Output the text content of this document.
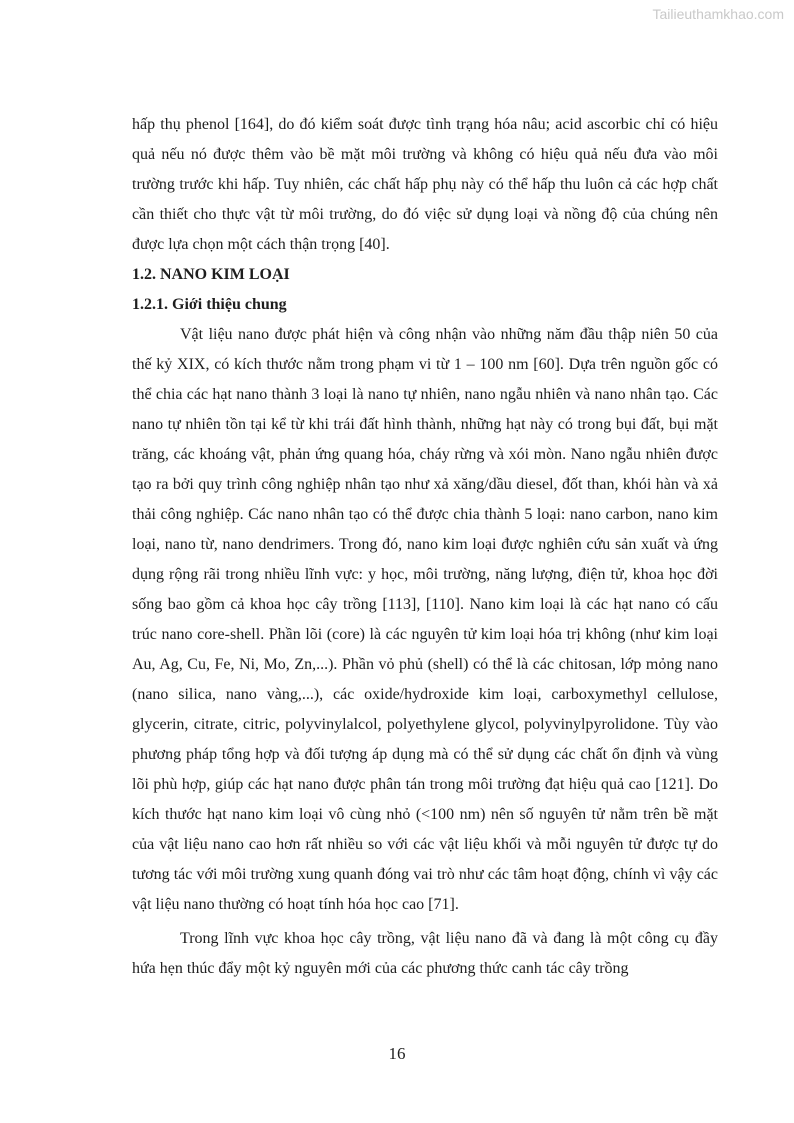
Tailieuthamkhao.com

hấp thụ phenol [164], do đó kiểm soát được tình trạng hóa nâu; acid ascorbic chỉ có hiệu quả nếu nó được thêm vào bề mặt môi trường và không có hiệu quả nếu đưa vào môi trường trước khi hấp. Tuy nhiên, các chất hấp phụ này có thể hấp thu luôn cả các hợp chất cần thiết cho thực vật từ môi trường, do đó việc sử dụng loại và nồng độ của chúng nên được lựa chọn một cách thận trọng [40].

1.2. NANO KIM LOẠI
1.2.1. Giới thiệu chung

Vật liệu nano được phát hiện và công nhận vào những năm đầu thập niên 50 của thế kỷ XIX, có kích thước nằm trong phạm vi từ 1 – 100 nm [60]. Dựa trên nguồn gốc có thể chia các hạt nano thành 3 loại là nano tự nhiên, nano ngẫu nhiên và nano nhân tạo. Các nano tự nhiên tồn tại kể từ khi trái đất hình thành, những hạt này có trong bụi đất, bụi mặt trăng, các khoáng vật, phản ứng quang hóa, cháy rừng và xói mòn. Nano ngẫu nhiên được tạo ra bởi quy trình công nghiệp nhân tạo như xả xăng/dầu diesel, đốt than, khói hàn và xả thải công nghiệp. Các nano nhân tạo có thể được chia thành 5 loại: nano carbon, nano kim loại, nano từ, nano dendrimers. Trong đó, nano kim loại được nghiên cứu sản xuất và ứng dụng rộng rãi trong nhiều lĩnh vực: y học, môi trường, năng lượng, điện tử, khoa học đời sống bao gồm cả khoa học cây trồng [113], [110]. Nano kim loại là các hạt nano có cấu trúc nano core-shell. Phần lõi (core) là các nguyên tử kim loại hóa trị không (như kim loại Au, Ag, Cu, Fe, Ni, Mo, Zn,...). Phần vỏ phủ (shell) có thể là các chitosan, lớp mỏng nano (nano silica, nano vàng,...), các oxide/hydroxide kim loại, carboxymethyl cellulose, glycerin, citrate, citric, polyvinylalcol, polyethylene glycol, polyvinylpyrolidone. Tùy vào phương pháp tổng hợp và đối tượng áp dụng mà có thể sử dụng các chất ổn định và vùng lõi phù hợp, giúp các hạt nano được phân tán trong môi trường đạt hiệu quả cao [121]. Do kích thước hạt nano kim loại vô cùng nhỏ (<100 nm) nên số nguyên tử nằm trên bề mặt của vật liệu nano cao hơn rất nhiều so với các vật liệu khối và mỗi nguyên tử được tự do tương tác với môi trường xung quanh đóng vai trò như các tâm hoạt động, chính vì vậy các vật liệu nano thường có hoạt tính hóa học cao [71].

Trong lĩnh vực khoa học cây trồng, vật liệu nano đã và đang là một công cụ đầy hứa hẹn thúc đẩy một kỷ nguyên mới của các phương thức canh tác cây trồng

16
